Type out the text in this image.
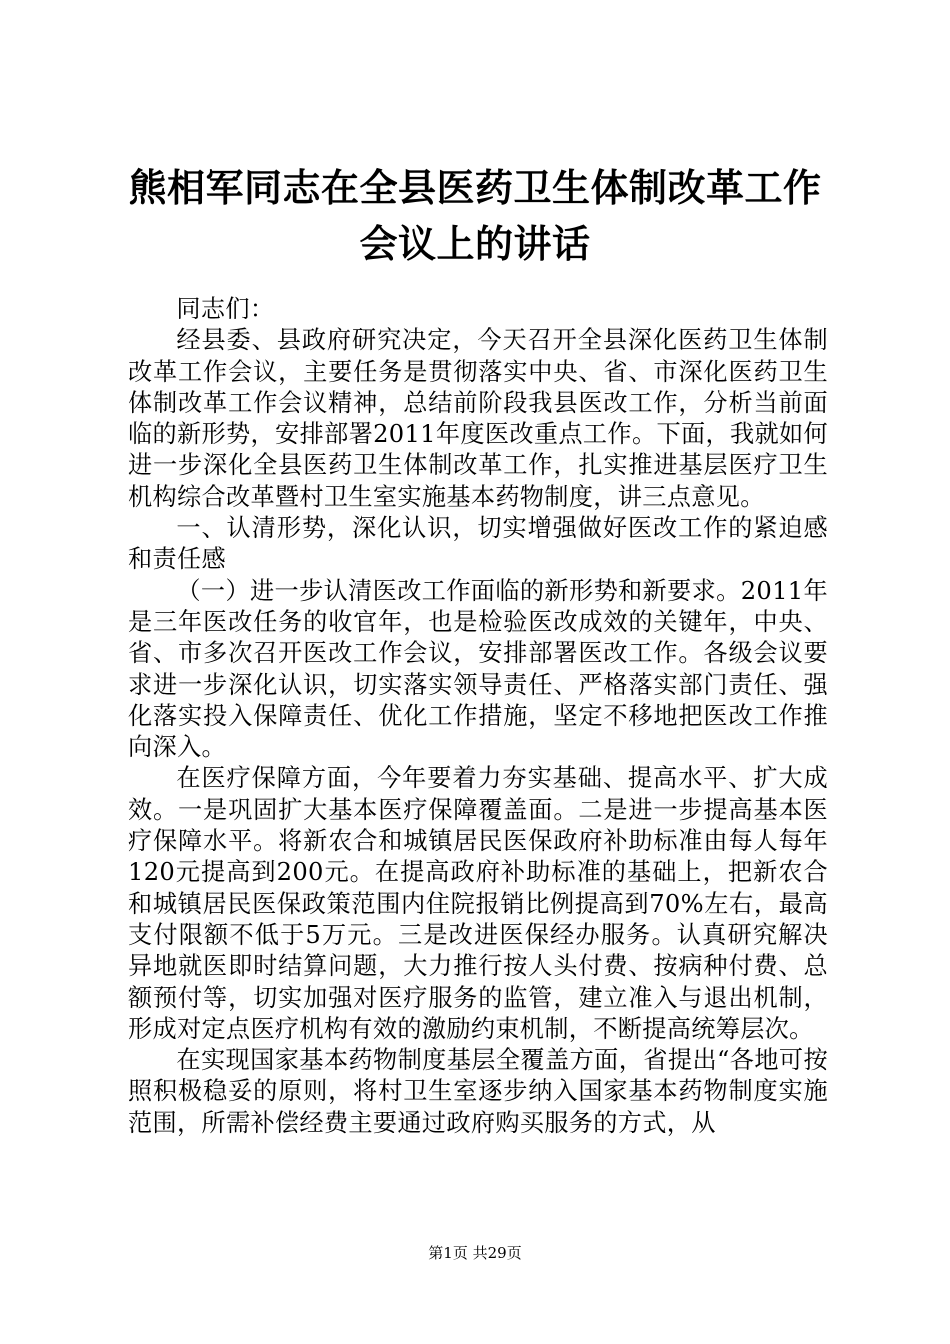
熊相军同志在全县医药卫生体制改革工作会议上的讲话

同志们：

经县委、县政府研究决定，今天召开全县深化医药卫生体制改革工作会议，主要任务是贯彻落实中央、省、市深化医药卫生体制改革工作会议精神，总结前阶段我县医改工作，分析当前面临的新形势，安排部署2011年度医改重点工作。下面，我就如何进一步深化全县医药卫生体制改革工作，扎实推进基层医疗卫生机构综合改革暨村卫生室实施基本药物制度，讲三点意见。

一、认清形势，深化认识，切实增强做好医改工作的紧迫感和责任感

（一）进一步认清医改工作面临的新形势和新要求。2011年是三年医改任务的收官年，也是检验医改成效的关键年，中央、省、市多次召开医改工作会议，安排部署医改工作。各级会议要求进一步深化认识，切实落实领导责任、严格落实部门责任、强化落实投入保障责任、优化工作措施，坚定不移地把医改工作推向深入。

在医疗保障方面，今年要着力夯实基础、提高水平、扩大成效。一是巩固扩大基本医疗保障覆盖面。二是进一步提高基本医疗保障水平。将新农合和城镇居民医保政府补助标准由每人每年120元提高到200元。在提高政府补助标准的基础上，把新农合和城镇居民医保政策范围内住院报销比例提高到70%左右，最高支付限额不低于5万元。三是改进医保经办服务。认真研究解决异地就医即时结算问题，大力推行按人头付费、按病种付费、总额预付等，切实加强对医疗服务的监管，建立准入与退出机制，形成对定点医疗机构有效的激励约束机制，不断提高统筹层次。

在实现国家基本药物制度基层全覆盖方面，省提出“各地可按照积极稳妥的原则，将村卫生室逐步纳入国家基本药物制度实施范围，所需补偿经费主要通过政府购买服务的方式，从

第1页 共29页
